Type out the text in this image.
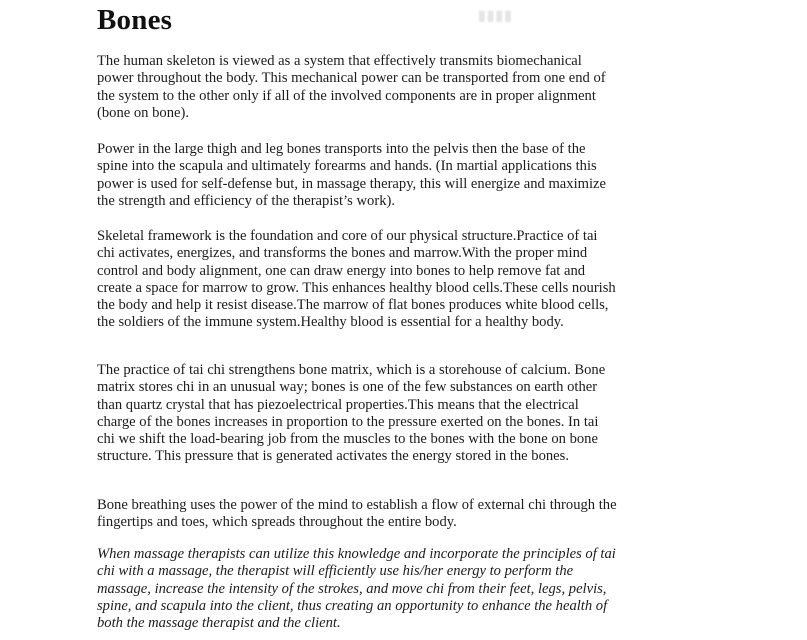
Bones	▮▮▮▮

The human skeleton is viewed as a system that effectively transmits biomechanical power throughout the body. This mechanical power can be transported from one end of the system to the other only if all of the involved components are in proper alignment (bone on bone).

Power in the large thigh and leg bones transports into the pelvis then the base of the spine into the scapula and ultimately forearms and hands. (In martial applications this power is used for self-defense but, in massage therapy, this will energize and maximize the strength and efficiency of the therapist’s work).

Skeletal framework is the foundation and core of our physical structure.Practice of tai chi activates, energizes, and transforms the bones and marrow.With the proper mind control and body alignment, one can draw energy into bones to help remove fat and create a space for marrow to grow. This enhances healthy blood cells.These cells nourish the body and help it resist disease.The marrow of flat bones produces white blood cells, the soldiers of the immune system.Healthy blood is essential for a healthy body.

The practice of tai chi strengthens bone matrix, which is a storehouse of calcium. Bone matrix stores chi in an unusual way; bones is one of the few substances on earth other than quartz crystal that has piezoelectrical properties.This means that the electrical charge of the bones increases in proportion to the pressure exerted on the bones. In tai chi we shift the load-bearing job from the muscles to the bones with the bone on bone structure. This pressure that is generated activates the energy stored in the bones.

Bone breathing uses the power of the mind to establish a flow of external chi through the fingertips and toes, which spreads throughout the entire body.

When massage therapists can utilize this knowledge and incorporate the principles of tai chi with a massage, the therapist will efficiently use his/her energy to perform the massage, increase the intensity of the strokes, and move chi from their feet, legs, pelvis, spine, and scapula into the client, thus creating an opportunity to enhance the health of both the massage therapist and the client.
